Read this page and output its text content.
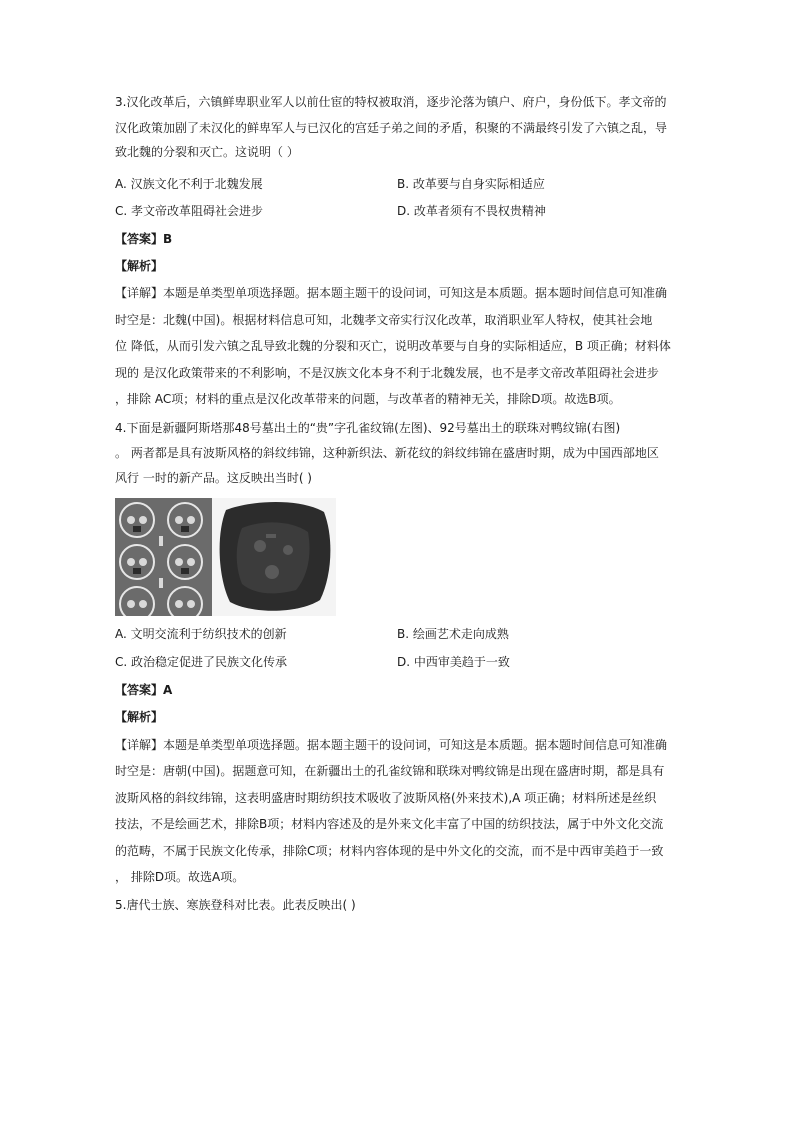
3.汉化改革后，六镇鲜卑职业军人以前仕宦的特权被取消，逐步沦落为镇户、府户，身份低下。孝文帝的
汉化政策加剧了未汉化的鲜卑军人与已汉化的宫廷子弟之间的矛盾，积聚的不满最终引发了六镇之乱，导
致北魏的分裂和灭亡。这说明（ ）
A. 汉族文化不利于北魏发展	B. 改革要与自身实际相适应
C. 孝文帝改革阻碍社会进步	D. 改革者须有不畏权贵精神
【答案】B
【解析】
【详解】本题是单类型单项选择题。据本题主题干的设问词，可知这是本质题。据本题时间信息可知准确
时空是：北魏(中国)。根据材料信息可知，北魏孝文帝实行汉化改革，取消职业军人特权，使其社会地
位 降低，从而引发六镇之乱导致北魏的分裂和灭亡，说明改革要与自身的实际相适应，B 项正确；材料体
现的 是汉化政策带来的不利影响，不是汉族文化本身不利于北魏发展，也不是孝文帝改革阻碍社会进步
，排除 AC项；材料的重点是汉化改革带来的问题，与改革者的精神无关，排除D项。故选B项。
4.下面是新疆阿斯塔那48号墓出土的“贵”字孔雀纹锦(左图)、92号墓出土的联珠对鸭纹锦(右图)
。 两者都是具有波斯风格的斜纹纬锦，这种新织法、新花纹的斜纹纬锦在盛唐时期，成为中国西部地区
风行 一时的新产品。这反映出当时( )
A. 文明交流利于纺织技术的创新	B. 绘画艺术走向成熟
C. 政治稳定促进了民族文化传承	D. 中西审美趋于一致
【答案】A
【解析】
【详解】本题是单类型单项选择题。据本题主题干的设问词，可知这是本质题。据本题时间信息可知准确
时空是：唐朝(中国)。据题意可知，在新疆出土的孔雀纹锦和联珠对鸭纹锦是出现在盛唐时期，都是具有
波斯风格的斜纹纬锦，这表明盛唐时期纺织技术吸收了波斯风格(外来技术),A 项正确；材料所述是丝织
技法，不是绘画艺术，排除B项；材料内容述及的是外来文化丰富了中国的纺织技法，属于中外文化交流
的范畴，不属于民族文化传承，排除C项；材料内容体现的是中外文化的交流，而不是中西审美趋于一致
， 排除D项。故选A项。
5.唐代士族、寒族登科对比表。此表反映出( )
